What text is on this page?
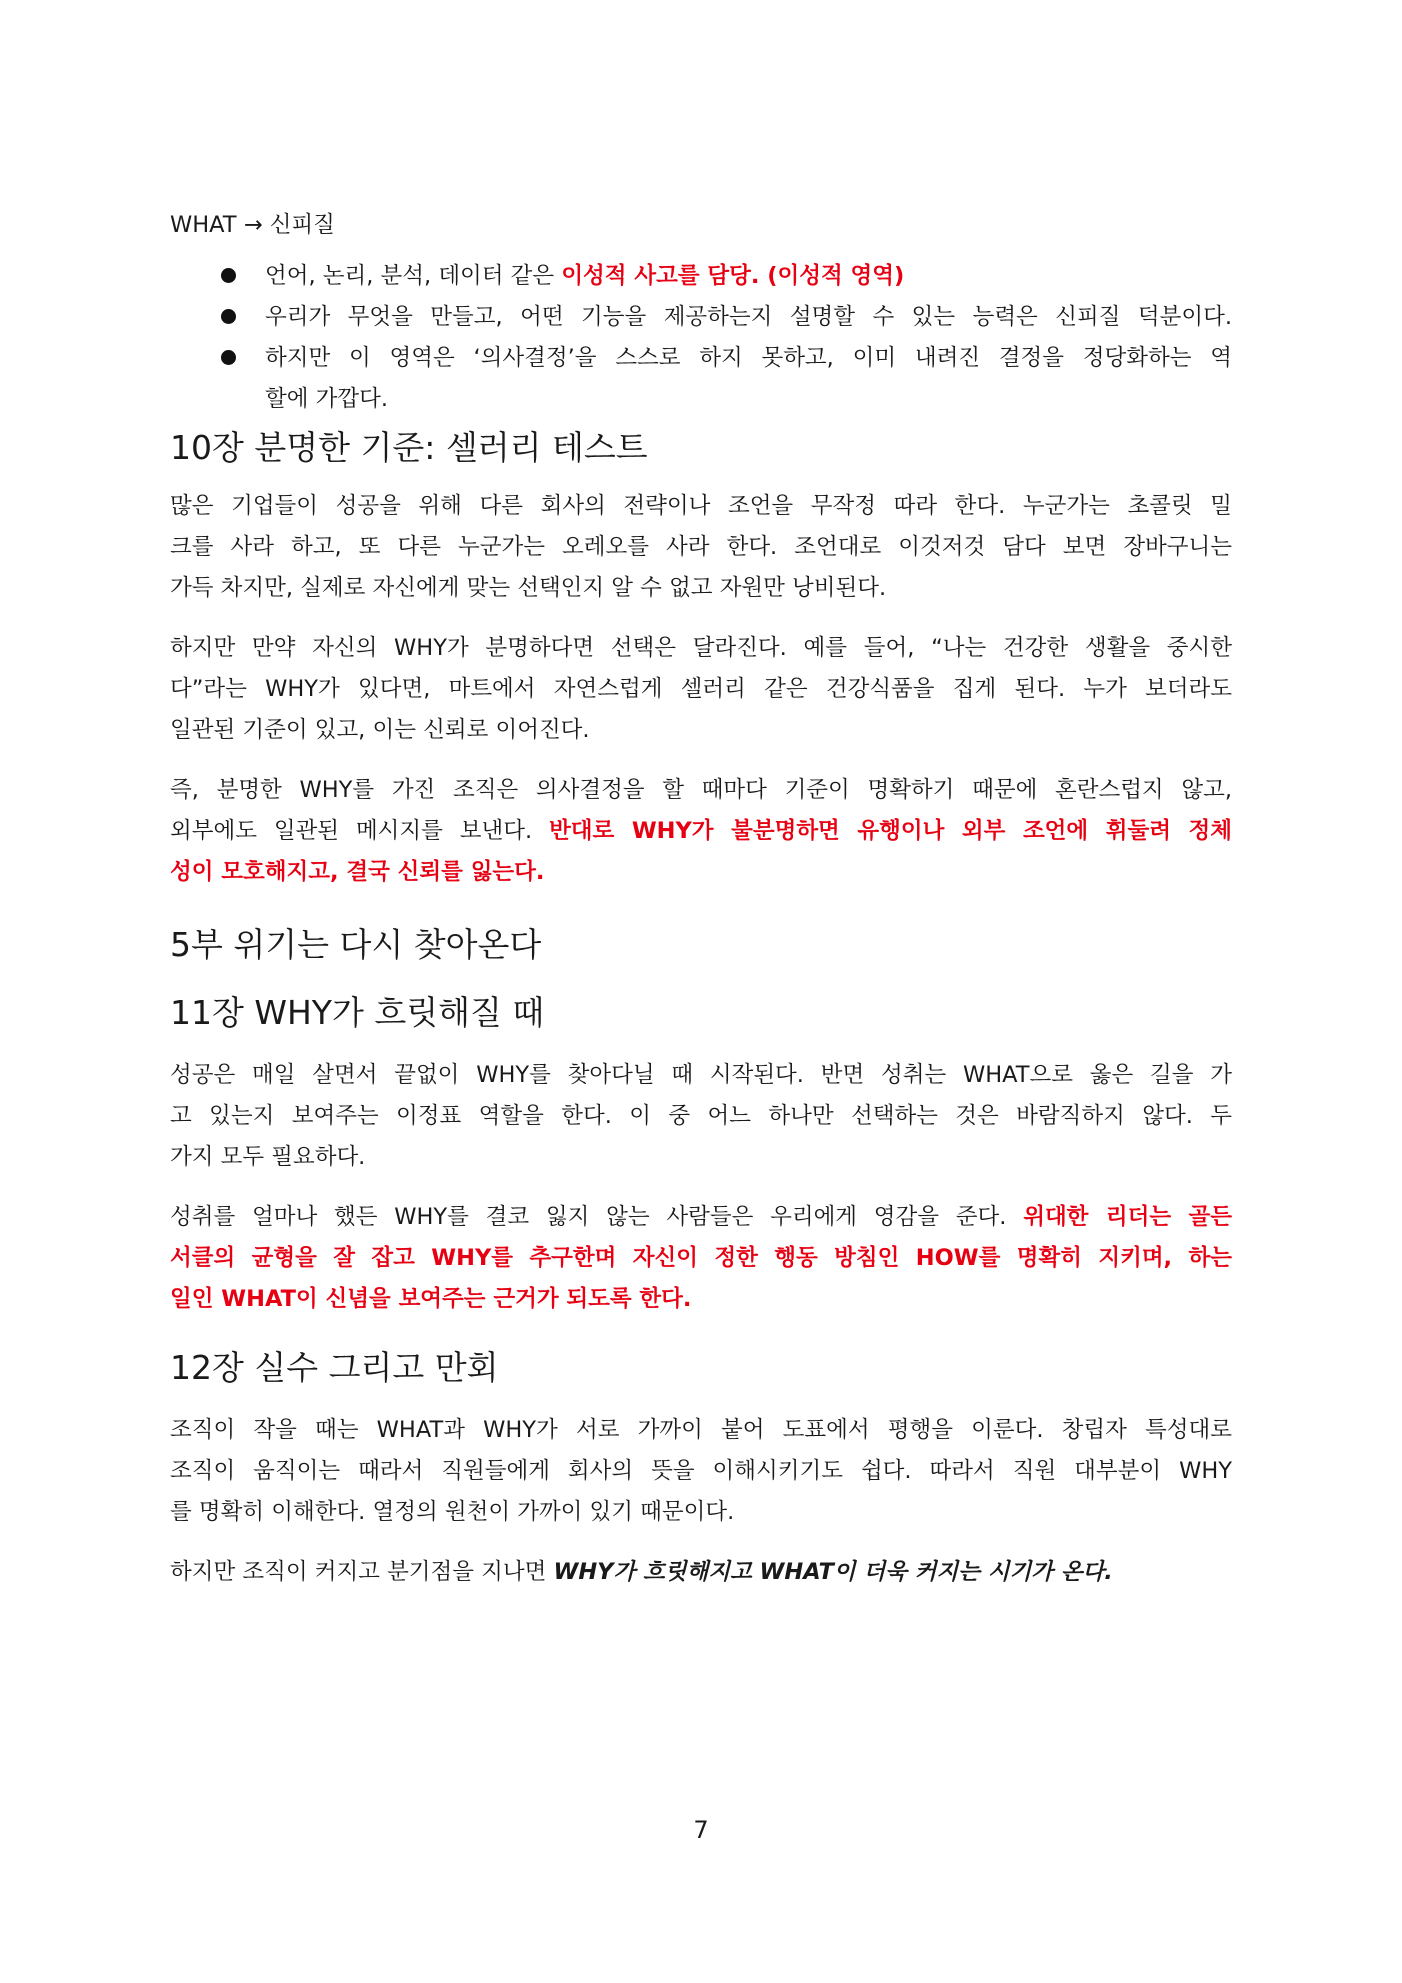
WHAT → 신피질
언어, 논리, 분석, 데이터 같은 이성적 사고를 담당. (이성적 영역)
우리가 무엇을 만들고, 어떤 기능을 제공하는지 설명할 수 있는 능력은 신피질 덕분이다.
하지만 이 영역은 ‘의사결정’을 스스로 하지 못하고, 이미 내려진 결정을 정당화하는 역
할에 가깝다.
10장 분명한 기준: 셀러리 테스트
많은 기업들이 성공을 위해 다른 회사의 전략이나 조언을 무작정 따라 한다. 누군가는 초콜릿 밀
크를 사라 하고, 또 다른 누군가는 오레오를 사라 한다. 조언대로 이것저것 담다 보면 장바구니는
가득 차지만, 실제로 자신에게 맞는 선택인지 알 수 없고 자원만 낭비된다.
하지만 만약 자신의 WHY가 분명하다면 선택은 달라진다. 예를 들어, “나는 건강한 생활을 중시한
다”라는 WHY가 있다면, 마트에서 자연스럽게 셀러리 같은 건강식품을 집게 된다. 누가 보더라도
일관된 기준이 있고, 이는 신뢰로 이어진다.
즉, 분명한 WHY를 가진 조직은 의사결정을 할 때마다 기준이 명확하기 때문에 혼란스럽지 않고,
외부에도 일관된 메시지를 보낸다. 반대로 WHY가 불분명하면 유행이나 외부 조언에 휘둘려 정체
성이 모호해지고, 결국 신뢰를 잃는다.
5부 위기는 다시 찾아온다
11장 WHY가 흐릿해질 때
성공은 매일 살면서 끝없이 WHY를 찾아다닐 때 시작된다. 반면 성취는 WHAT으로 옳은 길을 가
고 있는지 보여주는 이정표 역할을 한다. 이 중 어느 하나만 선택하는 것은 바람직하지 않다. 두
가지 모두 필요하다.
성취를 얼마나 했든 WHY를 결코 잃지 않는 사람들은 우리에게 영감을 준다. 위대한 리더는 골든
서클의 균형을 잘 잡고 WHY를 추구한며 자신이 정한 행동 방침인 HOW를 명확히 지키며, 하는
일인 WHAT이 신념을 보여주는 근거가 되도록 한다.
12장 실수 그리고 만회
조직이 작을 때는 WHAT과 WHY가 서로 가까이 붙어 도표에서 평행을 이룬다. 창립자 특성대로
조직이 움직이는 때라서 직원들에게 회사의 뜻을 이해시키기도 쉽다. 따라서 직원 대부분이 WHY
를 명확히 이해한다. 열정의 원천이 가까이 있기 때문이다.
하지만 조직이 커지고 분기점을 지나면 WHY가 흐릿해지고 WHAT이 더욱 커지는 시기가 온다.
7
